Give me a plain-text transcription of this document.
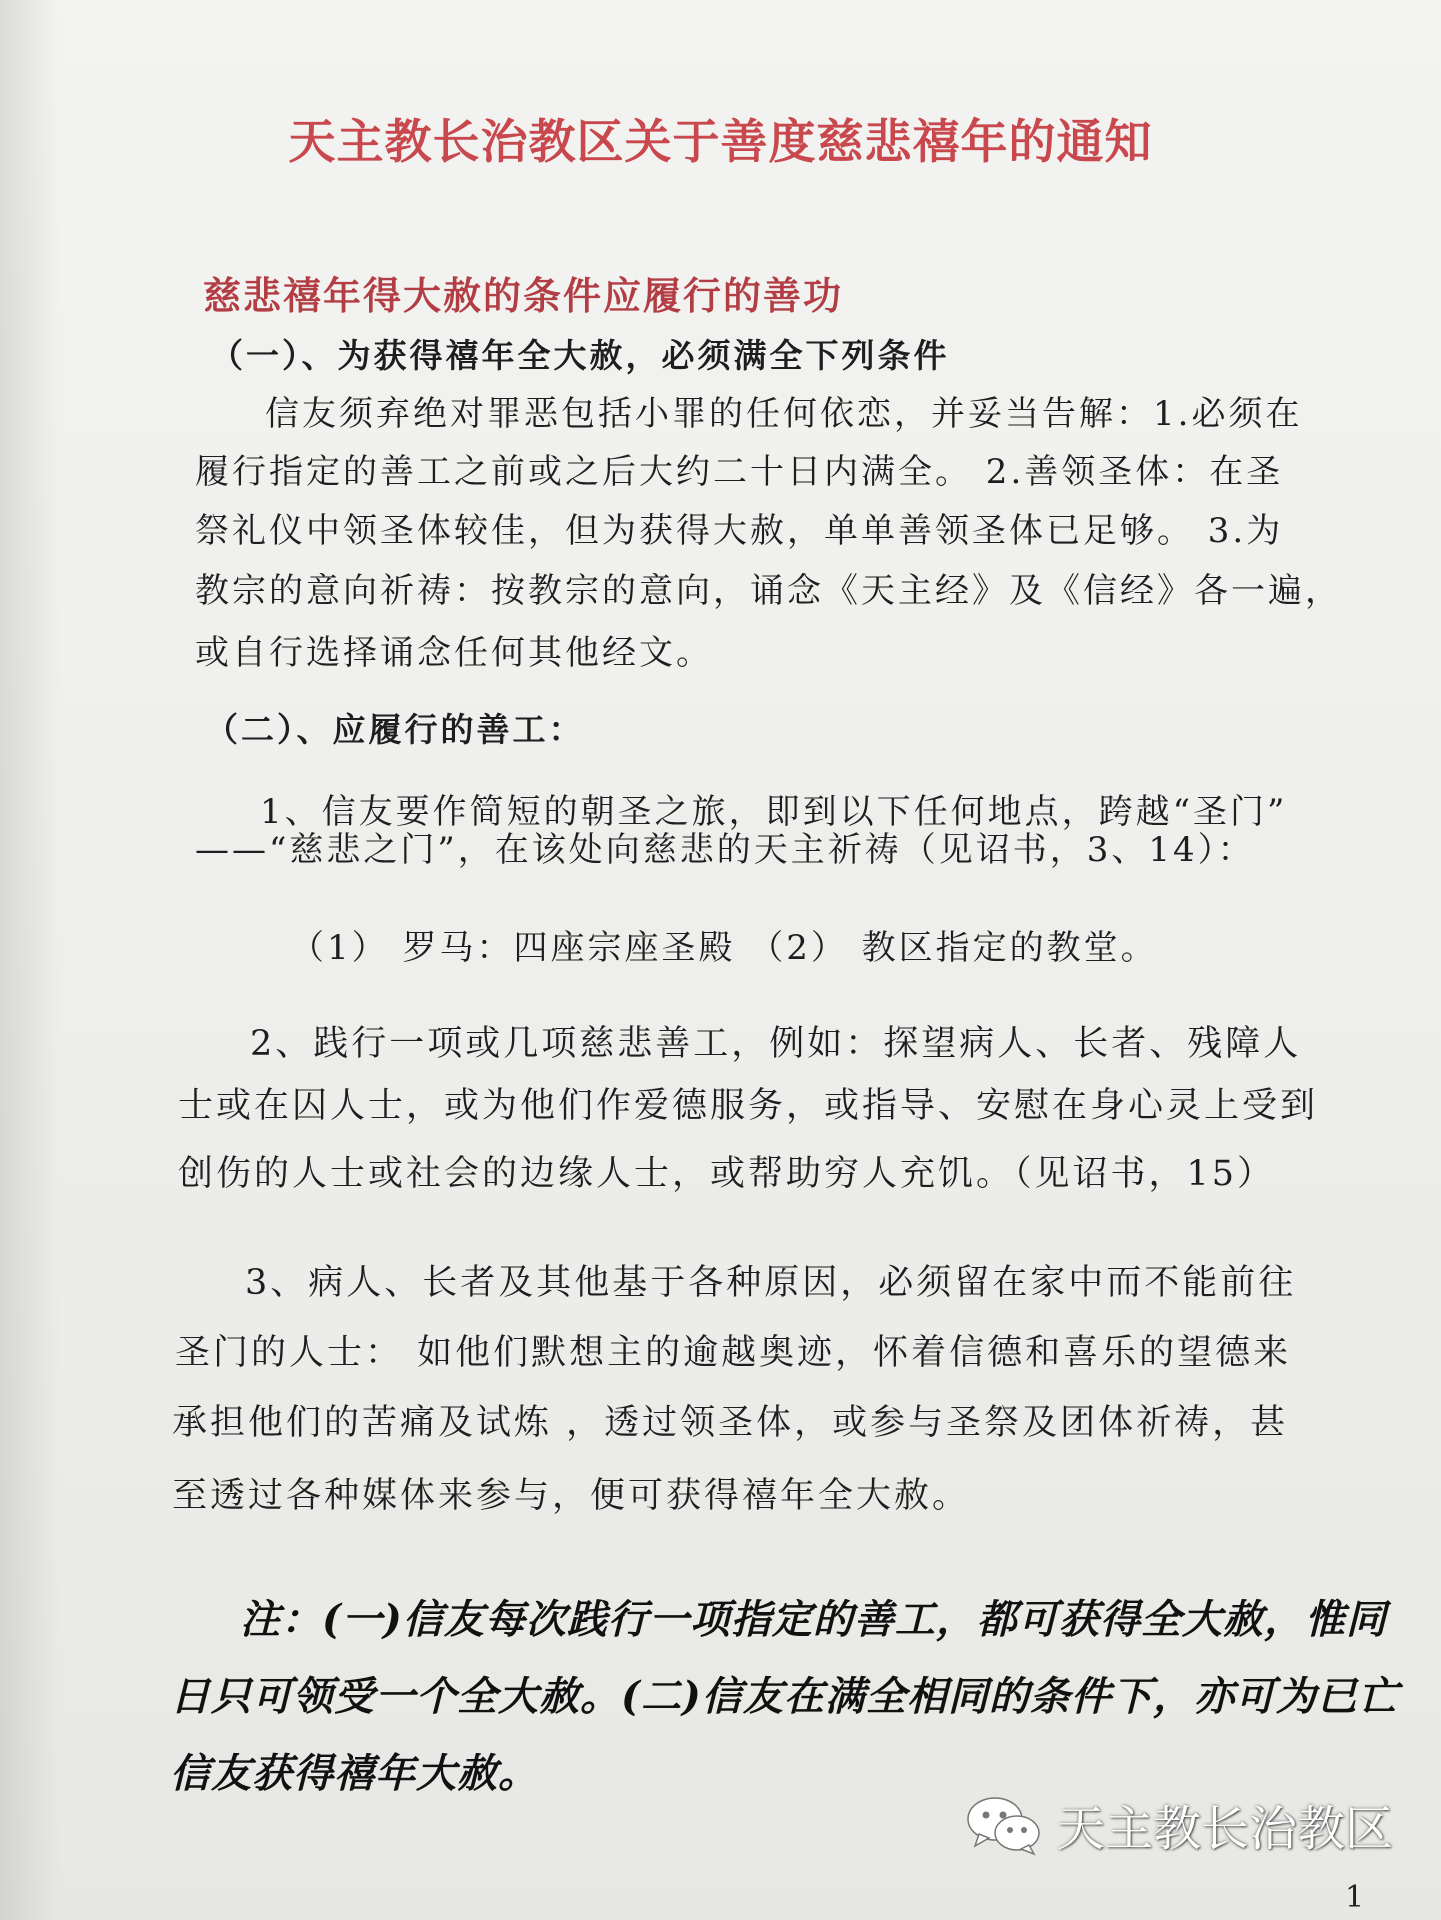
天主教长治教区关于善度慈悲禧年的通知
慈悲禧年得大赦的条件应履行的善功
（一）、为获得禧年全大赦，必须满全下列条件
信友须弃绝对罪恶包括小罪的任何依恋，并妥当告解：1.必须在
履行指定的善工之前或之后大约二十日内满全。 2.善领圣体：在圣
祭礼仪中领圣体较佳，但为获得大赦，单单善领圣体已足够。 3.为
教宗的意向祈祷：按教宗的意向，诵念《天主经》及《信经》各一遍，
或自行选择诵念任何其他经文。
（二）、应履行的善工：
1、信友要作简短的朝圣之旅，即到以下任何地点，跨越“圣门”
——“慈悲之门”，在该处向慈悲的天主祈祷（见诏书，3、14）：
（1） 罗马：四座宗座圣殿 （2） 教区指定的教堂。
2、践行一项或几项慈悲善工，例如：探望病人、长者、残障人
士或在囚人士，或为他们作爱德服务，或指导、安慰在身心灵上受到
创伤的人士或社会的边缘人士，或帮助穷人充饥。（见诏书，15）
3、病人、长者及其他基于各种原因，必须留在家中而不能前往
圣门的人士： 如他们默想主的逾越奥迹，怀着信德和喜乐的望德来
承担他们的苦痛及试炼 ，透过领圣体，或参与圣祭及团体祈祷，甚
至透过各种媒体来参与，便可获得禧年全大赦。
注：(一)信友每次践行一项指定的善工，都可获得全大赦，惟同
日只可领受一个全大赦。(二)信友在满全相同的条件下，亦可为已亡
信友获得禧年大赦。
天主教长治教区
1
